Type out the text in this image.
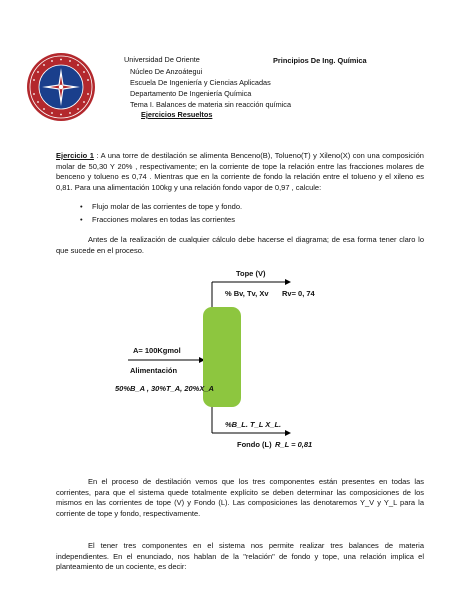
Universidad De Oriente	Principios De Ing. Química
Núcleo De Anzoátegui
Escuela De Ingeniería y Ciencias Aplicadas
Departamento De Ingeniería Química
Tema I. Balances de materia sin reacción química
Ejercicios Resueltos
Ejercicio 1 : A una torre de destilación se alimenta Benceno(B), Tolueno(T) y Xileno(X) con una composición molar de 50,30 Y 20% , respectivamente; en la corriente de tope la relación entre las fracciones molares de benceno y tolueno es 0,74 . Mientras que en la corriente de fondo la relación entre el tolueno y el xileno es 0,81. Para una alimentación 100kg y una relación fondo vapor de 0,97 , calcule:
• Flujo molar de las corrientes de tope y fondo.
• Fracciones molares en todas las corrientes
Antes de la realización de cualquier cálculo debe hacerse el diagrama; de esa forma tener claro lo que sucede en el proceso.
Tope (V)
% Bv, Tv, Xv Rv= 0, 74
A= 100Kgmol
Alimentación
50%B_A , 30%T_A, 20%X_A
%B_L. T_L X_L.
Fondo (L) R_L = 0,81
En el proceso de destilación vemos que los tres componentes están presentes en todas las corrientes, para que el sistema quede totalmente explícito se deben determinar las composiciones de los mismos en las corrientes de tope (V) y Fondo (L). Las composiciones las denotaremos Y_V y Y_L para la corriente de tope y fondo, respectivamente.
El tener tres componentes en el sistema nos permite realizar tres balances de materia independientes. En el enunciado, nos hablan de la "relación" de fondo y tope, una relación implica el planteamiento de un cociente, es decir:
